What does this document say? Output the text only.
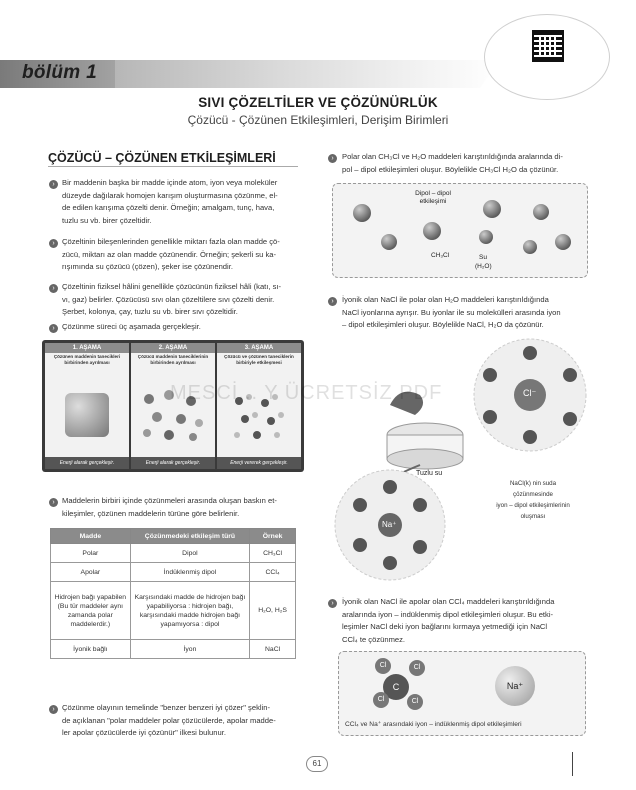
bölüm 1
SIVI ÇÖZELTİLER VE ÇÖZÜNÜRLÜK
Çözücü - Çözünen Etkileşimleri, Derişim Birimleri
ÇÖZÜCÜ – ÇÖZÜNEN ETKİLEŞİMLERİ
› Bir maddenin başka bir madde içinde atom, iyon veya moleküler
düzeyde dağılarak homojen karışım oluşturmasına çözünme, el-
de edilen karışıma çözelti denir. Örneğin; amalgam, tunç, hava,
tuzlu su vb. birer çözeltidir.
› Çözeltinin bileşenlerinden genellikle miktarı fazla olan madde çö-
zücü, miktarı az olan madde çözünendir. Örneğin; şekerli su ka-
rışımında su çözücü (çözen), şeker ise çözünendir.
› Çözeltinin fiziksel hâlini genellikle çözücünün fiziksel hâli (katı, sı-
vı, gaz) belirler. Çözücüsü sıvı olan çözeltilere sıvı çözelti denir.
Şerbet, kolonya, çay, tuzlu su vb. birer sıvı çözeltidir.
› Çözünme süreci üç aşamada gerçekleşir.
1. AŞAMA
Çözünen maddenin tanecikleri birbirinden ayrılması
Enerji alarak gerçekleşir.
2. AŞAMA
Çözücü maddenin taneciklerinin birbirinden ayrılması
Enerji alarak gerçekleşir.
3. AŞAMA
Çözücü ve çözünen taneciklerin birbiriyle etkileşmesi
Enerji vererek gerçekleşir.
› Maddelerin birbiri içinde çözünmeleri arasında oluşan baskın et-
kileşimler, çözünen maddelerin türüne göre belirlenir.
Madde	Çözünmedeki etkileşim türü	Örnek
Polar	Dipol	CH₃Cl
Apolar	İndüklenmiş dipol	CCl₄
Hidrojen bağı yapabilen (Bu tür maddeler aynı zamanda polar maddelerdir.)	Karşısındaki madde de hidrojen bağı yapabiliyorsa : hidrojen bağı, karşısındaki madde hidrojen bağı yapamıyorsa : dipol	H₂O, H₂S
İyonik bağlı	İyon	NaCl
› Çözünme olayının temelinde "benzer benzeri iyi çözer" şeklin-
de açıklanan "polar maddeler polar çözücülerde, apolar madde-
ler apolar çözücülerde iyi çözünür" ilkesi bulunur.
›	Polar olan CH₃Cl ve H₂O maddeleri karıştırıldığında aralarında di-
pol – dipol etkileşimleri oluşur. Böylelikle CH₃Cl H₂O da çözünür.
Dipol – dipol etkileşimi
CH₃Cl	Su
(H₂O)
›	İyonik olan NaCl ile polar olan H₂O maddeleri karıştırıldığında
NaCl iyonlarına ayrışır. Bu iyonlar ile su molekülleri arasında iyon
– dipol etkileşimleri oluşur. Böylelikle NaCl, H₂O da çözünür.
Cl⁻
Na⁺
Tuzlu su
NaCl(k) nin suda
çözünmesinde
iyon – dipol etkileşimlerinin
oluşması
›	İyonik olan NaCl ile apolar olan CCl₄ maddeleri karıştırıldığında
aralarında iyon – indüklenmiş dipol etkileşimleri oluşur. Bu etki-
leşimler NaCl deki iyon bağlarını kırmaya yetmediği için NaCl
CCl₄ te çözünmez.
C
Cl	Cl
Cl	Cl
Na⁺
CCl₄ ve Na⁺ arasındaki iyon – indüklenmiş dipol etkileşimleri
MESCİ... Y ÜCRETSİZ PDF
61
